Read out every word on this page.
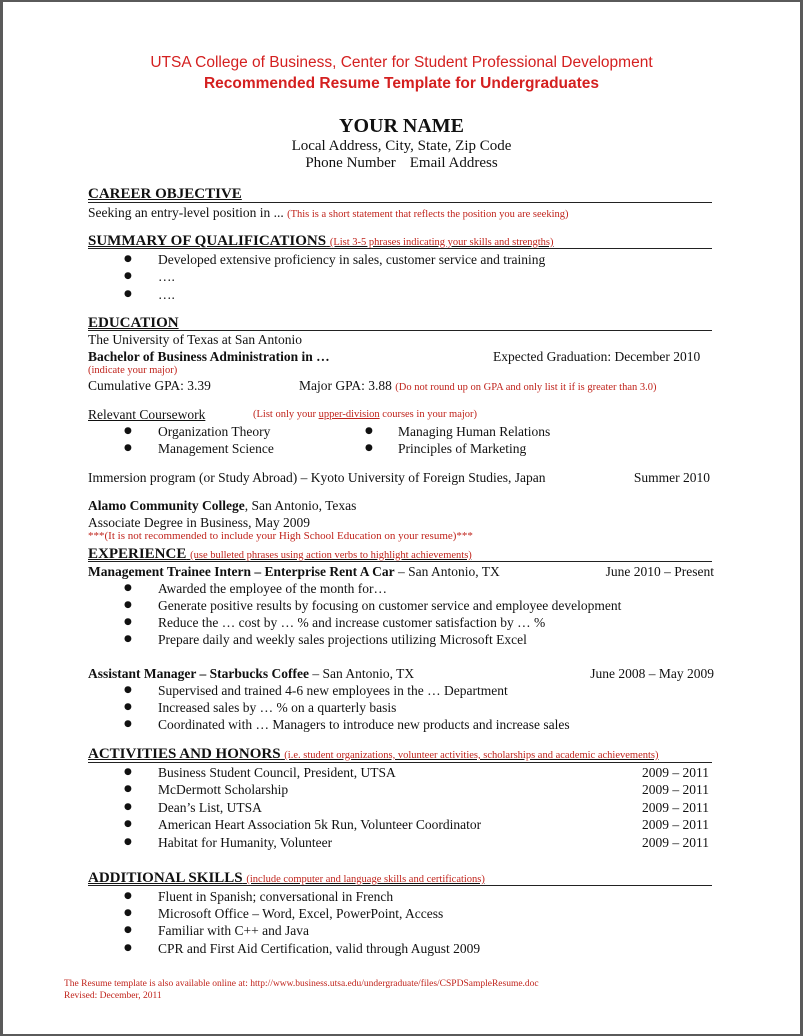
UTSA College of Business, Center for Student Professional Development
Recommended Resume Template for Undergraduates
YOUR NAME
Local Address, City, State, Zip Code
Phone Number Email Address
CAREER OBJECTIVE
Seeking an entry-level position in ... (This is a short statement that reflects the position you are seeking)
SUMMARY OF QUALIFICATIONS (List 3-5 phrases indicating your skills and strengths)
● Developed extensive proficiency in sales, customer service and training
● ….
● ….
EDUCATION
The University of Texas at San Antonio
Bachelor of Business Administration in …	Expected Graduation: December 2010
(indicate your major)
Cumulative GPA: 3.39	Major GPA: 3.88 (Do not round up on GPA and only list it if is greater than 3.0)
Relevant Coursework	(List only your upper-division courses in your major)
● Organization Theory	● Managing Human Relations
● Management Science	● Principles of Marketing
Immersion program (or Study Abroad) – Kyoto University of Foreign Studies, Japan	Summer 2010
Alamo Community College, San Antonio, Texas
Associate Degree in Business, May 2009
***(It is not recommended to include your High School Education on your resume)***
EXPERIENCE (use bulleted phrases using action verbs to highlight achievements)
Management Trainee Intern – Enterprise Rent A Car – San Antonio, TX	June 2010 – Present
● Awarded the employee of the month for…
● Generate positive results by focusing on customer service and employee development
● Reduce the … cost by … % and increase customer satisfaction by … %
● Prepare daily and weekly sales projections utilizing Microsoft Excel
Assistant Manager – Starbucks Coffee – San Antonio, TX	June 2008 – May 2009
● Supervised and trained 4-6 new employees in the … Department
● Increased sales by … % on a quarterly basis
● Coordinated with … Managers to introduce new products and increase sales
ACTIVITIES AND HONORS (i.e. student organizations, volunteer activities, scholarships and academic achievements)
● Business Student Council, President, UTSA	2009 – 2011
● McDermott Scholarship	2009 – 2011
● Dean’s List, UTSA	2009 – 2011
● American Heart Association 5k Run, Volunteer Coordinator	2009 – 2011
● Habitat for Humanity, Volunteer	2009 – 2011
ADDITIONAL SKILLS (include computer and language skills and certifications)
● Fluent in Spanish; conversational in French
● Microsoft Office – Word, Excel, PowerPoint, Access
● Familiar with C++ and Java
● CPR and First Aid Certification, valid through August 2009
The Resume template is also available online at: http://www.business.utsa.edu/undergraduate/files/CSPDSampleResume.doc
Revised: December, 2011
